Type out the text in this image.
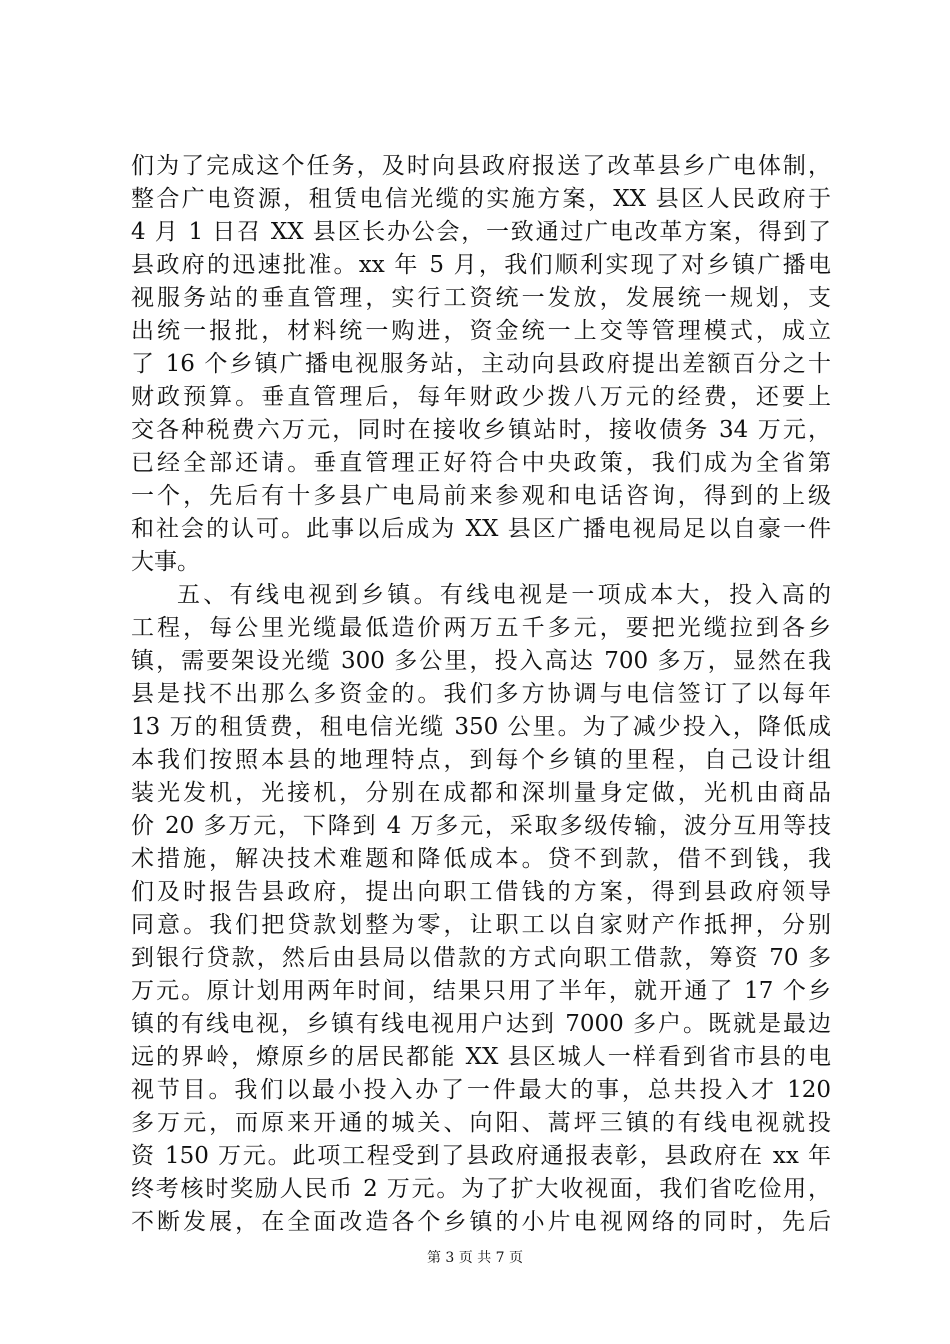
们为了完成这个任务，及时向县政府报送了改革县乡广电体制，
整合广电资源，租赁电信光缆的实施方案，XX 县区人民政府于
4 月 1 日召 XX 县区长办公会，一致通过广电改革方案，得到了
县政府的迅速批准。xx 年 5 月，我们顺利实现了对乡镇广播电
视服务站的垂直管理，实行工资统一发放，发展统一规划，支
出统一报批，材料统一购进，资金统一上交等管理模式，成立
了 16 个乡镇广播电视服务站，主动向县政府提出差额百分之十
财政预算。垂直管理后，每年财政少拨八万元的经费，还要上
交各种税费六万元，同时在接收乡镇站时，接收债务 34 万元，
已经全部还请。垂直管理正好符合中央政策，我们成为全省第
一个，先后有十多县广电局前来参观和电话咨询，得到的上级
和社会的认可。此事以后成为 XX 县区广播电视局足以自豪一件
大事。
五、有线电视到乡镇。有线电视是一项成本大，投入高的
工程，每公里光缆最低造价两万五千多元，要把光缆拉到各乡
镇，需要架设光缆 300 多公里，投入高达 700 多万，显然在我
县是找不出那么多资金的。我们多方协调与电信签订了以每年
13 万的租赁费，租电信光缆 350 公里。为了减少投入，降低成
本我们按照本县的地理特点，到每个乡镇的里程，自己设计组
装光发机，光接机，分别在成都和深圳量身定做，光机由商品
价 20 多万元，下降到 4 万多元，采取多级传输，波分互用等技
术措施，解决技术难题和降低成本。贷不到款，借不到钱，我
们及时报告县政府，提出向职工借钱的方案，得到县政府领导
同意。我们把贷款划整为零，让职工以自家财产作抵押，分别
到银行贷款，然后由县局以借款的方式向职工借款，筹资 70 多
万元。原计划用两年时间，结果只用了半年，就开通了 17 个乡
镇的有线电视，乡镇有线电视用户达到 7000 多户。既就是最边
远的界岭，燎原乡的居民都能 XX 县区城人一样看到省市县的电
视节目。我们以最小投入办了一件最大的事，总共投入才 120
多万元，而原来开通的城关、向阳、蒿坪三镇的有线电视就投
资 150 万元。此项工程受到了县政府通报表彰，县政府在 xx 年
终考核时奖励人民币 2 万元。为了扩大收视面，我们省吃俭用，
不断发展，在全面改造各个乡镇的小片电视网络的同时，先后
第 3 页 共 7 页
